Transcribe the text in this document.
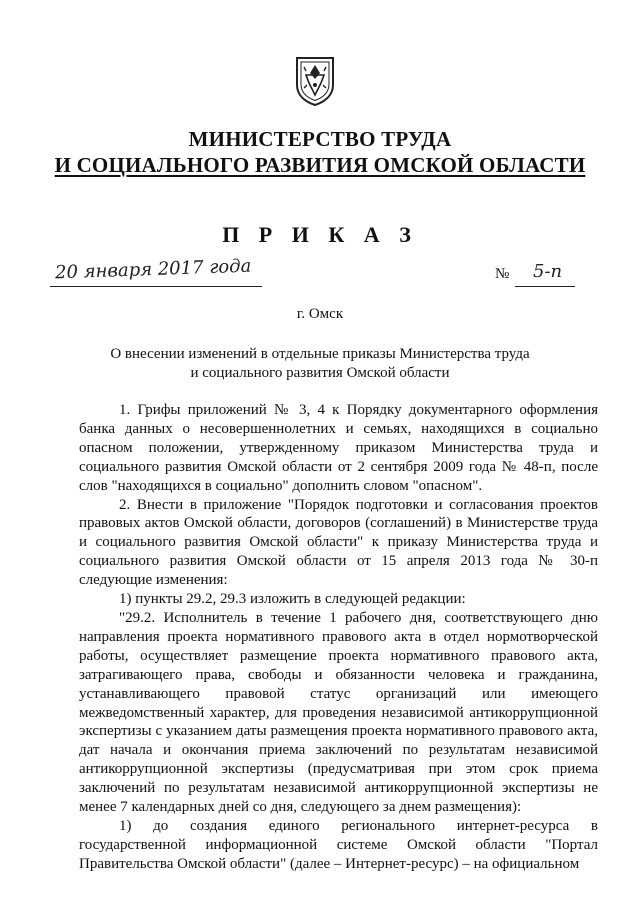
МИНИСТЕРСТВО ТРУДА
И СОЦИАЛЬНОГО РАЗВИТИЯ ОМСКОЙ ОБЛАСТИ
П Р И К А З
20 января 2017 года	№ 5-п
г. Омск
О внесении изменений в отдельные приказы Министерства труда
и социального развития Омской области

1. Грифы приложений № 3, 4 к Порядку документарного оформления банка данных о несовершеннолетних и семьях, находящихся в социально опасном положении, утвержденному приказом Министерства труда и социального развития Омской области от 2 сентября 2009 года № 48-п, после слов "находящихся в социально" дополнить словом "опасном".

2. Внести в приложение "Порядок подготовки и согласования проектов правовых актов Омской области, договоров (соглашений) в Министерстве труда и социального развития Омской области" к приказу Министерства труда и социального развития Омской области от 15 апреля 2013 года № 30-п следующие изменения:

1) пункты 29.2, 29.3 изложить в следующей редакции:

"29.2. Исполнитель в течение 1 рабочего дня, соответствующего дню направления проекта нормативного правового акта в отдел нормотворческой работы, осуществляет размещение проекта нормативного правового акта, затрагивающего права, свободы и обязанности человека и гражданина, устанавливающего правовой статус организаций или имеющего межведомственный характер, для проведения независимой антикоррупционной экспертизы с указанием даты размещения проекта нормативного правового акта, дат начала и окончания приема заключений по результатам независимой антикоррупционной экспертизы (предусматривая при этом срок приема заключений по результатам независимой антикоррупционной экспертизы не менее 7 календарных дней со дня, следующего за днем размещения):

1) до создания единого регионального интернет-ресурса в государственной информационной системе Омской области "Портал Правительства Омской области" (далее – Интернет-ресурс) – на официальном
